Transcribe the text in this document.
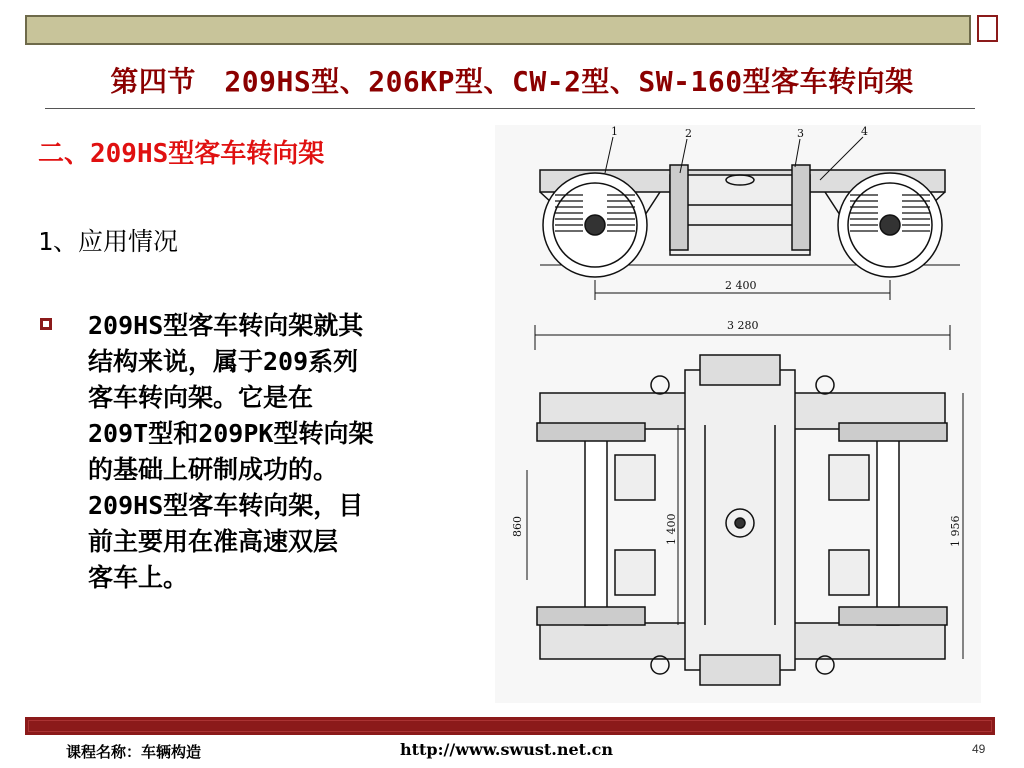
第四节　209HS型、206KP型、CW-2型、SW-160型客车转向架
二、209HS型客车转向架
1、应用情况
209HS型客车转向架就其
结构来说，属于209系列
客车转向架。它是在
209T型和209PK型转向架
的基础上研制成功的。
209HS型客车转向架，目
前主要用在准高速双层
客车上。
1	2	3	4
2 400
3 280
860	1 400	1 956
课程名称：车辆构造	http://www.swust.net.cn	49
